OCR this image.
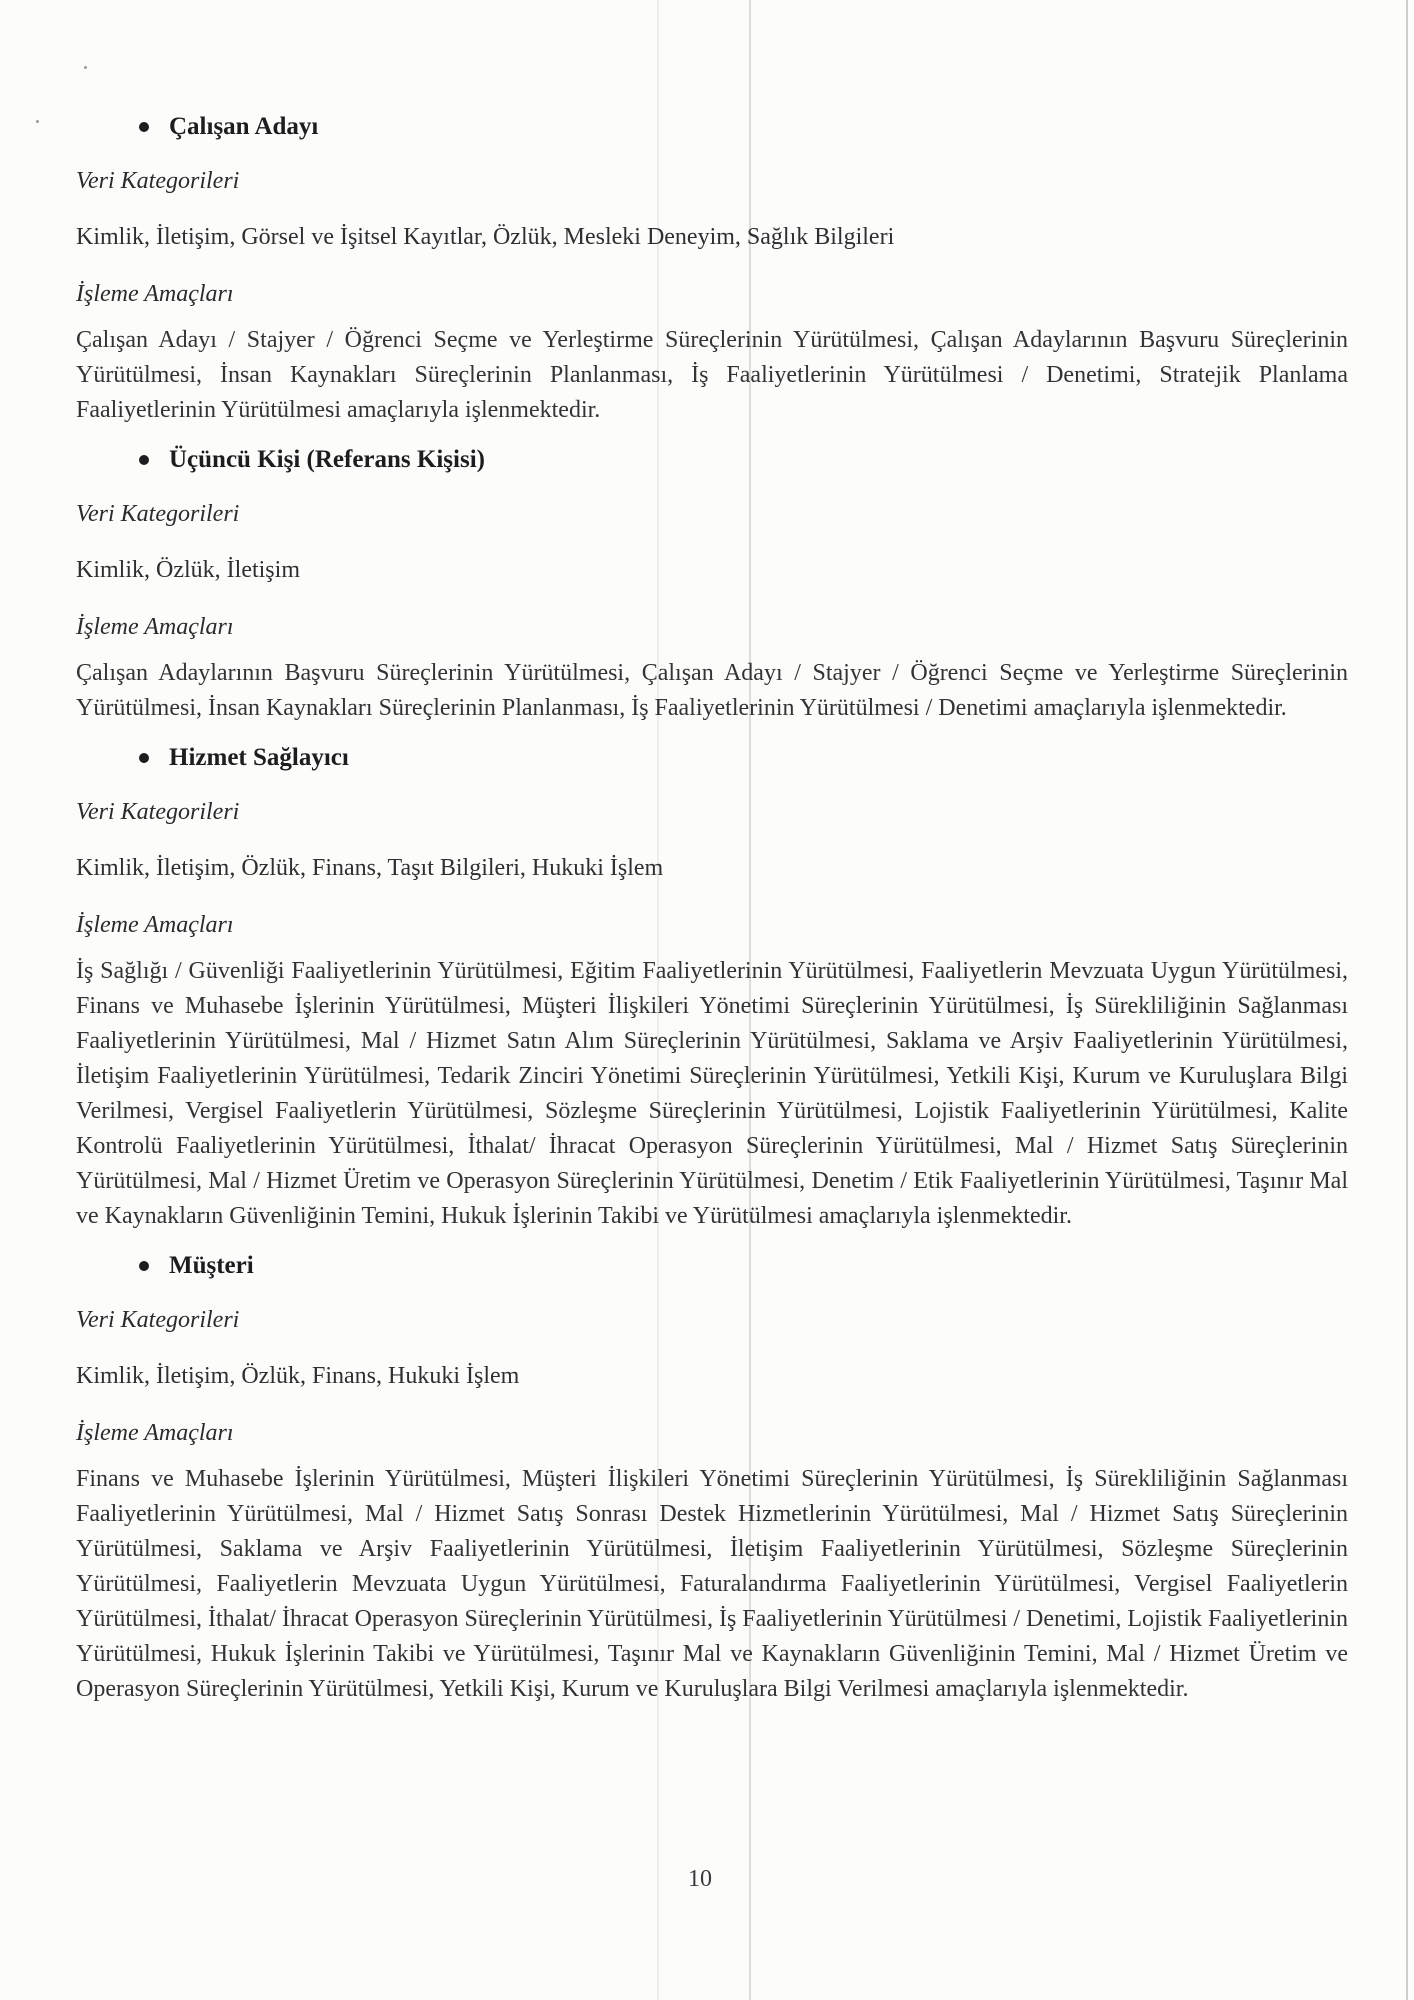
Çalışan Adayı
Veri Kategorileri
Kimlik, İletişim, Görsel ve İşitsel Kayıtlar, Özlük, Mesleki Deneyim, Sağlık Bilgileri
İşleme Amaçları

Çalışan Adayı / Stajyer / Öğrenci Seçme ve Yerleştirme Süreçlerinin Yürütülmesi, Çalışan Adaylarının Başvuru Süreçlerinin Yürütülmesi, İnsan Kaynakları Süreçlerinin Planlanması, İş Faaliyetlerinin Yürütülmesi / Denetimi, Stratejik Planlama Faaliyetlerinin Yürütülmesi amaçlarıyla işlenmektedir.

Üçüncü Kişi (Referans Kişisi)
Veri Kategorileri
Kimlik, Özlük, İletişim
İşleme Amaçları

Çalışan Adaylarının Başvuru Süreçlerinin Yürütülmesi, Çalışan Adayı / Stajyer / Öğrenci Seçme ve Yerleştirme Süreçlerinin Yürütülmesi, İnsan Kaynakları Süreçlerinin Planlanması, İş Faaliyetlerinin Yürütülmesi / Denetimi amaçlarıyla işlenmektedir.

Hizmet Sağlayıcı
Veri Kategorileri
Kimlik, İletişim, Özlük, Finans, Taşıt Bilgileri, Hukuki İşlem
İşleme Amaçları

İş Sağlığı / Güvenliği Faaliyetlerinin Yürütülmesi, Eğitim Faaliyetlerinin Yürütülmesi, Faaliyetlerin Mevzuata Uygun Yürütülmesi, Finans ve Muhasebe İşlerinin Yürütülmesi, Müşteri İlişkileri Yönetimi Süreçlerinin Yürütülmesi, İş Sürekliliğinin Sağlanması Faaliyetlerinin Yürütülmesi, Mal / Hizmet Satın Alım Süreçlerinin Yürütülmesi, Saklama ve Arşiv Faaliyetlerinin Yürütülmesi, İletişim Faaliyetlerinin Yürütülmesi, Tedarik Zinciri Yönetimi Süreçlerinin Yürütülmesi, Yetkili Kişi, Kurum ve Kuruluşlara Bilgi Verilmesi, Vergisel Faaliyetlerin Yürütülmesi, Sözleşme Süreçlerinin Yürütülmesi, Lojistik Faaliyetlerinin Yürütülmesi, Kalite Kontrolü Faaliyetlerinin Yürütülmesi, İthalat/ İhracat Operasyon Süreçlerinin Yürütülmesi, Mal / Hizmet Satış Süreçlerinin Yürütülmesi, Mal / Hizmet Üretim ve Operasyon Süreçlerinin Yürütülmesi, Denetim / Etik Faaliyetlerinin Yürütülmesi, Taşınır Mal ve Kaynakların Güvenliğinin Temini, Hukuk İşlerinin Takibi ve Yürütülmesi amaçlarıyla işlenmektedir.

Müşteri
Veri Kategorileri
Kimlik, İletişim, Özlük, Finans, Hukuki İşlem
İşleme Amaçları

Finans ve Muhasebe İşlerinin Yürütülmesi, Müşteri İlişkileri Yönetimi Süreçlerinin Yürütülmesi, İş Sürekliliğinin Sağlanması Faaliyetlerinin Yürütülmesi, Mal / Hizmet Satış Sonrası Destek Hizmetlerinin Yürütülmesi, Mal / Hizmet Satış Süreçlerinin Yürütülmesi, Saklama ve Arşiv Faaliyetlerinin Yürütülmesi, İletişim Faaliyetlerinin Yürütülmesi, Sözleşme Süreçlerinin Yürütülmesi, Faaliyetlerin Mevzuata Uygun Yürütülmesi, Faturalandırma Faaliyetlerinin Yürütülmesi, Vergisel Faaliyetlerin Yürütülmesi, İthalat/ İhracat Operasyon Süreçlerinin Yürütülmesi, İş Faaliyetlerinin Yürütülmesi / Denetimi, Lojistik Faaliyetlerinin Yürütülmesi, Hukuk İşlerinin Takibi ve Yürütülmesi, Taşınır Mal ve Kaynakların Güvenliğinin Temini, Mal / Hizmet Üretim ve Operasyon Süreçlerinin Yürütülmesi, Yetkili Kişi, Kurum ve Kuruluşlara Bilgi Verilmesi amaçlarıyla işlenmektedir.

10
